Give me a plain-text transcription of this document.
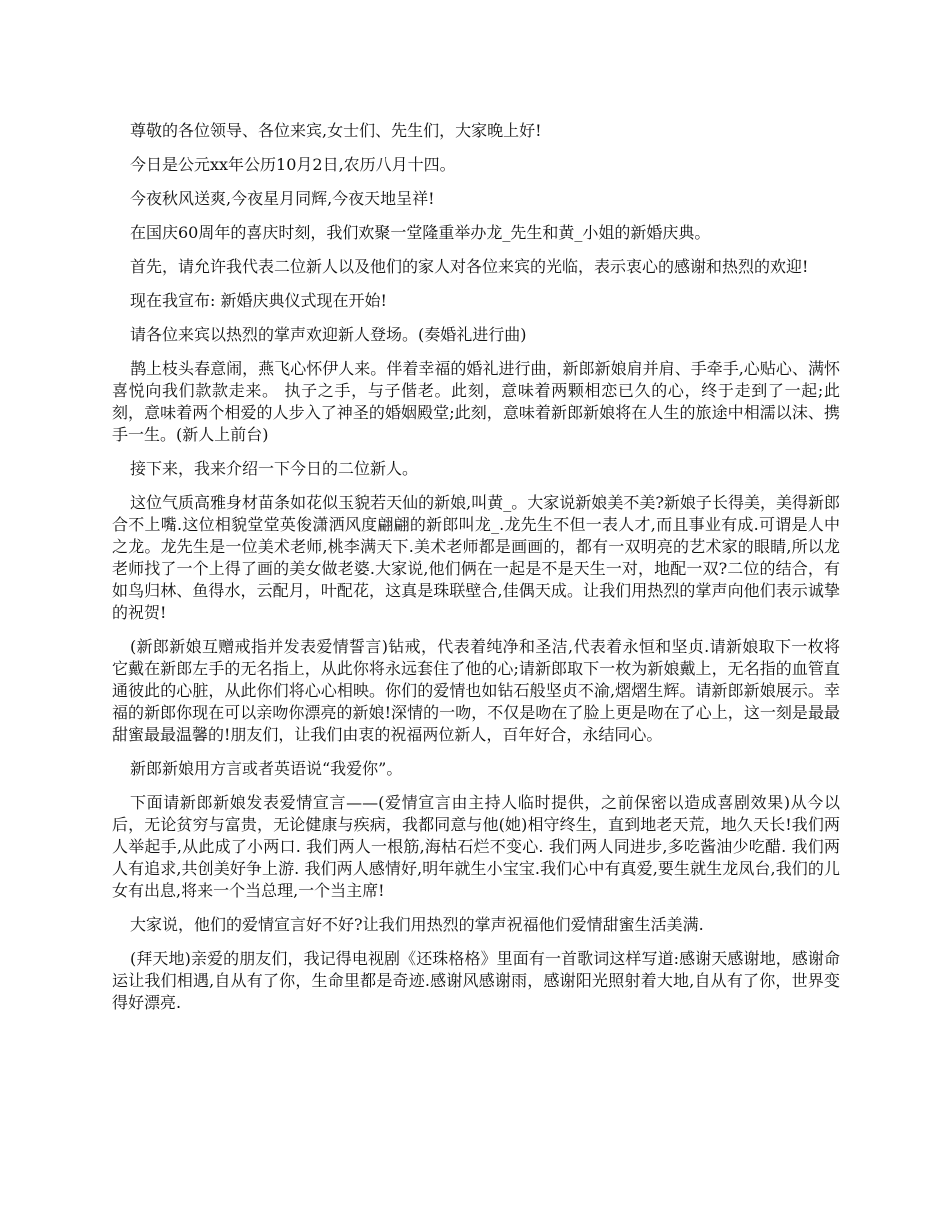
尊敬的各位领导、各位来宾,女士们、先生们，大家晚上好!

今日是公元xx年公历10月2日,农历八月十四。

今夜秋风送爽,今夜星月同辉,今夜天地呈祥!

在国庆60周年的喜庆时刻，我们欢聚一堂隆重举办龙_先生和黄_小姐的新婚庆典。

首先，请允许我代表二位新人以及他们的家人对各位来宾的光临，表示衷心的感谢和热烈的欢迎!

现在我宣布: 新婚庆典仪式现在开始!

请各位来宾以热烈的掌声欢迎新人登场。(奏婚礼进行曲)

鹊上枝头春意闹，燕飞心怀伊人来。伴着幸福的婚礼进行曲，新郎新娘肩并肩、手牵手,心贴心、满怀喜悦向我们款款走来。 执子之手，与子偕老。此刻，意味着两颗相恋已久的心，终于走到了一起;此刻，意味着两个相爱的人步入了神圣的婚姻殿堂;此刻，意味着新郎新娘将在人生的旅途中相濡以沫、携手一生。(新人上前台)

接下来，我来介绍一下今日的二位新人。

这位气质高雅身材苗条如花似玉貌若天仙的新娘,叫黄_。大家说新娘美不美?新娘子长得美，美得新郎合不上嘴.这位相貌堂堂英俊潇洒风度翩翩的新郎叫龙_.龙先生不但一表人才,而且事业有成.可谓是人中之龙。龙先生是一位美术老师,桃李满天下.美术老师都是画画的，都有一双明亮的艺术家的眼睛,所以龙老师找了一个上得了画的美女做老婆.大家说,他们俩在一起是不是天生一对，地配一双?二位的结合，有如鸟归林、鱼得水，云配月，叶配花，这真是珠联壁合,佳偶天成。让我们用热烈的掌声向他们表示诚挚的祝贺!

(新郎新娘互赠戒指并发表爱情誓言)钻戒，代表着纯净和圣洁,代表着永恒和坚贞.请新娘取下一枚将它戴在新郎左手的无名指上，从此你将永远套住了他的心;请新郎取下一枚为新娘戴上，无名指的血管直通彼此的心脏，从此你们将心心相映。你们的爱情也如钻石般坚贞不渝,熠熠生辉。请新郎新娘展示。幸福的新郎你现在可以亲吻你漂亮的新娘!深情的一吻，不仅是吻在了脸上更是吻在了心上，这一刻是最最甜蜜最最温馨的!朋友们，让我们由衷的祝福两位新人，百年好合，永结同心。

新郎新娘用方言或者英语说“我爱你”。

下面请新郎新娘发表爱情宣言——(爱情宣言由主持人临时提供，之前保密以造成喜剧效果)从今以后，无论贫穷与富贵，无论健康与疾病，我都同意与他(她)相守终生，直到地老天荒，地久天长!我们两人举起手,从此成了小两口. 我们两人一根筋,海枯石烂不变心. 我们两人同进步,多吃酱油少吃醋. 我们两人有追求,共创美好争上游. 我们两人感情好,明年就生小宝宝.我们心中有真爱,要生就生龙凤台,我们的儿女有出息,将来一个当总理,一个当主席!

大家说，他们的爱情宣言好不好?让我们用热烈的掌声祝福他们爱情甜蜜生活美满.

(拜天地)亲爱的朋友们，我记得电视剧《还珠格格》里面有一首歌词这样写道:感谢天感谢地，感谢命运让我们相遇,自从有了你，生命里都是奇迹.感谢风感谢雨，感谢阳光照射着大地,自从有了你，世界变得好漂亮.
